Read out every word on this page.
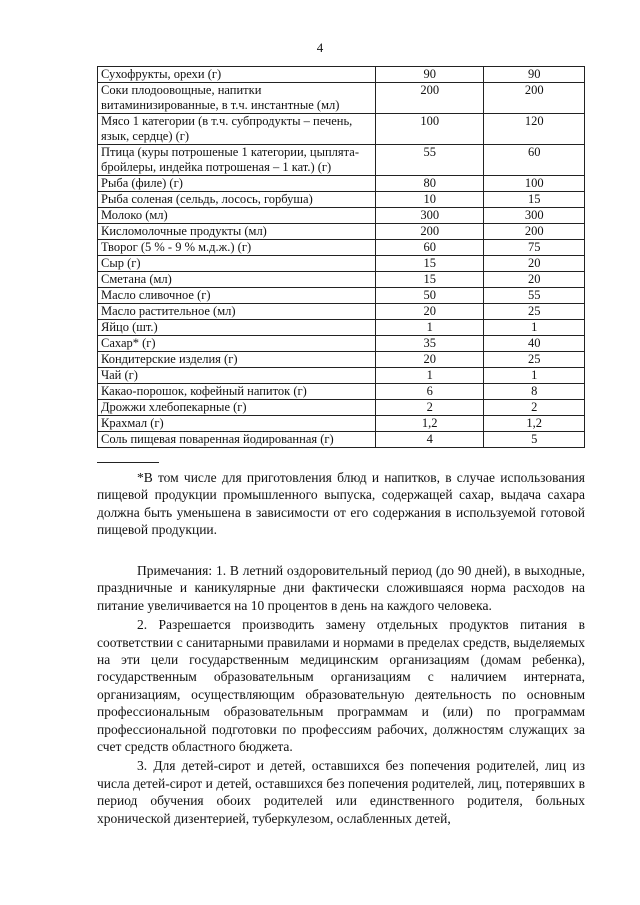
4
Сухофрукты, орехи (г)	90	90
Соки плодоовощные, напитки витаминизированные, в т.ч. инстантные (мл)	200	200
Мясо 1 категории (в т.ч. субпродукты – печень, язык, сердце) (г)	100	120
Птица (куры потрошеные 1 категории, цыплята-бройлеры, индейка потрошеная – 1 кат.) (г)	55	60
Рыба (филе) (г)	80	100
Рыба соленая (сельдь, лосось, горбуша)	10	15
Молоко (мл)	300	300
Кисломолочные продукты (мл)	200	200
Творог (5 % - 9 % м.д.ж.) (г)	60	75
Сыр (г)	15	20
Сметана (мл)	15	20
Масло сливочное (г)	50	55
Масло растительное (мл)	20	25
Яйцо (шт.)	1	1
Сахар* (г)	35	40
Кондитерские изделия (г)	20	25
Чай (г)	1	1
Какао-порошок, кофейный напиток (г)	6	8
Дрожжи хлебопекарные (г)	2	2
Крахмал (г)	1,2	1,2
Соль пищевая поваренная йодированная (г)	4	5

*В том числе для приготовления блюд и напитков, в случае использования пищевой продукции промышленного выпуска, содержащей сахар, выдача сахара должна быть уменьшена в зависимости от его содержания в используемой готовой пищевой продукции.

Примечания: 1. В летний оздоровительный период (до 90 дней), в выходные, праздничные и каникулярные дни фактически сложившаяся норма расходов на питание увеличивается на 10 процентов в день на каждого человека.

2. Разрешается производить замену отдельных продуктов питания в соответствии с санитарными правилами и нормами в пределах средств, выделяемых на эти цели государственным медицинским организациям (домам ребенка), государственным образовательным организациям с наличием интерната, организациям, осуществляющим образовательную деятельность по основным профессиональным образовательным программам и (или) по программам профессиональной подготовки по профессиям рабочих, должностям служащих за счет средств областного бюджета.

3. Для детей-сирот и детей, оставшихся без попечения родителей, лиц из числа детей-сирот и детей, оставшихся без попечения родителей, лиц, потерявших в период обучения обоих родителей или единственного родителя, больных хронической дизентерией, туберкулезом, ослабленных детей,
